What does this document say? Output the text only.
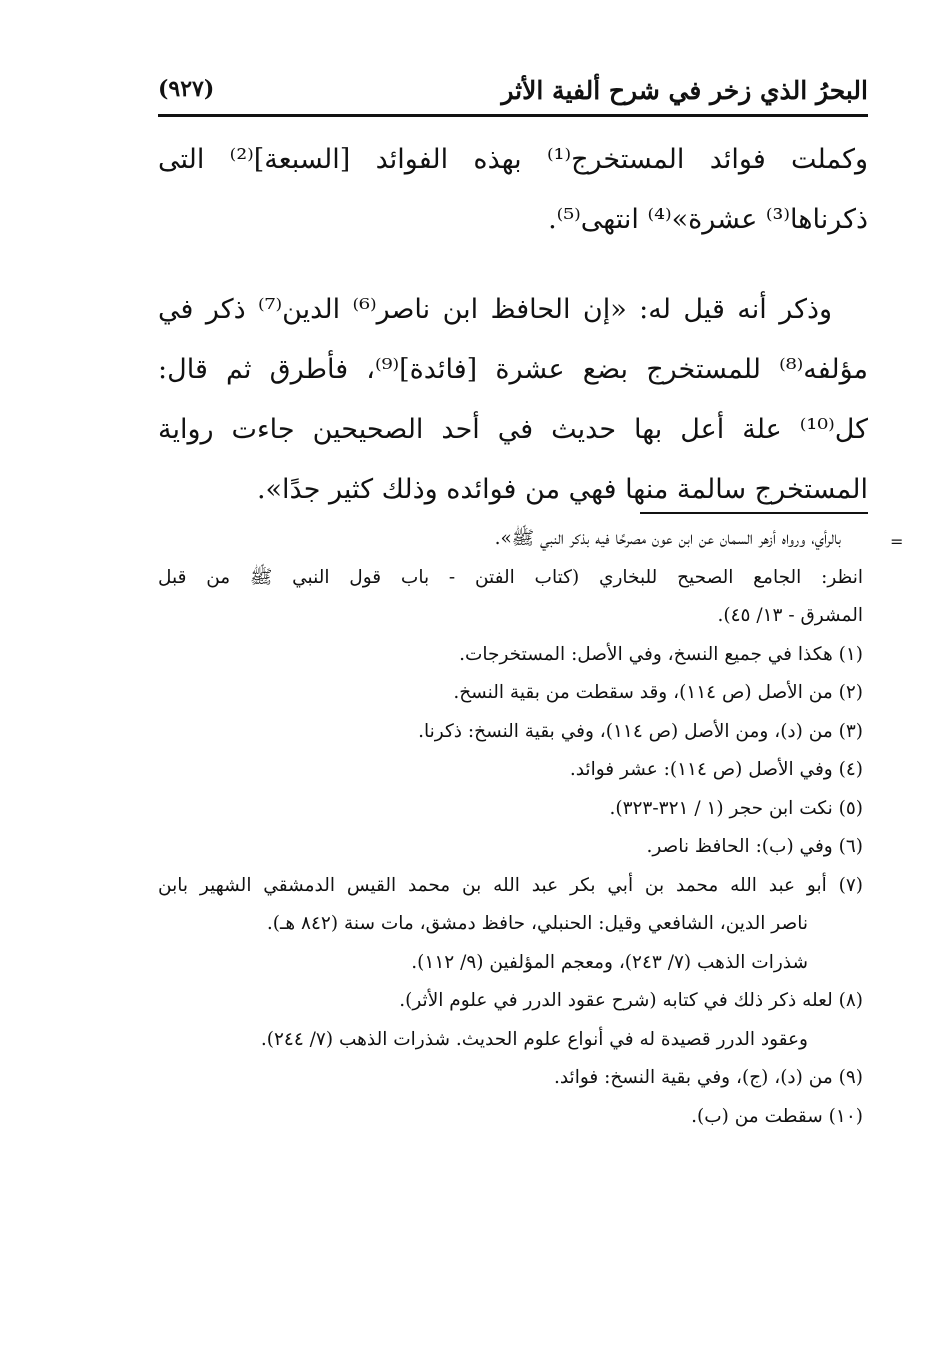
البحرُ الذي زخر في شرح ألفية الأثر
(٩٢٧)

وكملت فوائد المستخرج⁽¹⁾ بهذه الفوائد [السبعة]⁽²⁾ التى ذكرناها⁽³⁾ عشرة»⁽⁴⁾ انتهى⁽⁵⁾.

وذكر أنه قيل له: «إن الحافظ ابن ناصر⁽⁶⁾ الدين⁽⁷⁾ ذكر في مؤلفه⁽⁸⁾ للمستخرج بضع عشرة [فائدة]⁽⁹⁾، فأطرق ثم قال: كل⁽¹⁰⁾ علة أعل بها حديث في أحد الصحيحين جاءت رواية المستخرج سالمة منها فهي من فوائده وذلك كثير جدًا».

=
بالرأي، ورواه أزهر السمان عن ابن عون مصرحًا فيه بذكر النبي ﷺ».
انظر: الجامع الصحيح للبخاري (كتاب الفتن - باب قول النبي ﷺ من قبل
المشرق - ١٣/ ٤٥).
(١) هكذا في جميع النسخ، وفي الأصل: المستخرجات.
(٢) من الأصل (ص ١١٤)، وقد سقطت من بقية النسخ.
(٣) من (د)، ومن الأصل (ص ١١٤)، وفي بقية النسخ: ذكرنا.
(٤) وفي الأصل (ص ١١٤): عشر فوائد.
(٥) نكت ابن حجر (١ / ٣٢١-٣٢٣).
(٦) وفي (ب): الحافظ ناصر.
(٧) أبو عبد الله محمد بن أبي بكر عبد الله بن محمد القيس الدمشقي الشهير بابن
ناصر الدين، الشافعي وقيل: الحنبلي، حافظ دمشق، مات سنة (٨٤٢ هـ).
شذرات الذهب (٧/ ٢٤٣)، ومعجم المؤلفين (٩/ ١١٢).
(٨) لعله ذكر ذلك في كتابه (شرح عقود الدرر في علوم الأثر).
وعقود الدرر قصيدة له في أنواع علوم الحديث. شذرات الذهب (٧/ ٢٤٤).
(٩) من (د)، (ج)، وفي بقية النسخ: فوائد.
(١٠) سقطت من (ب).
